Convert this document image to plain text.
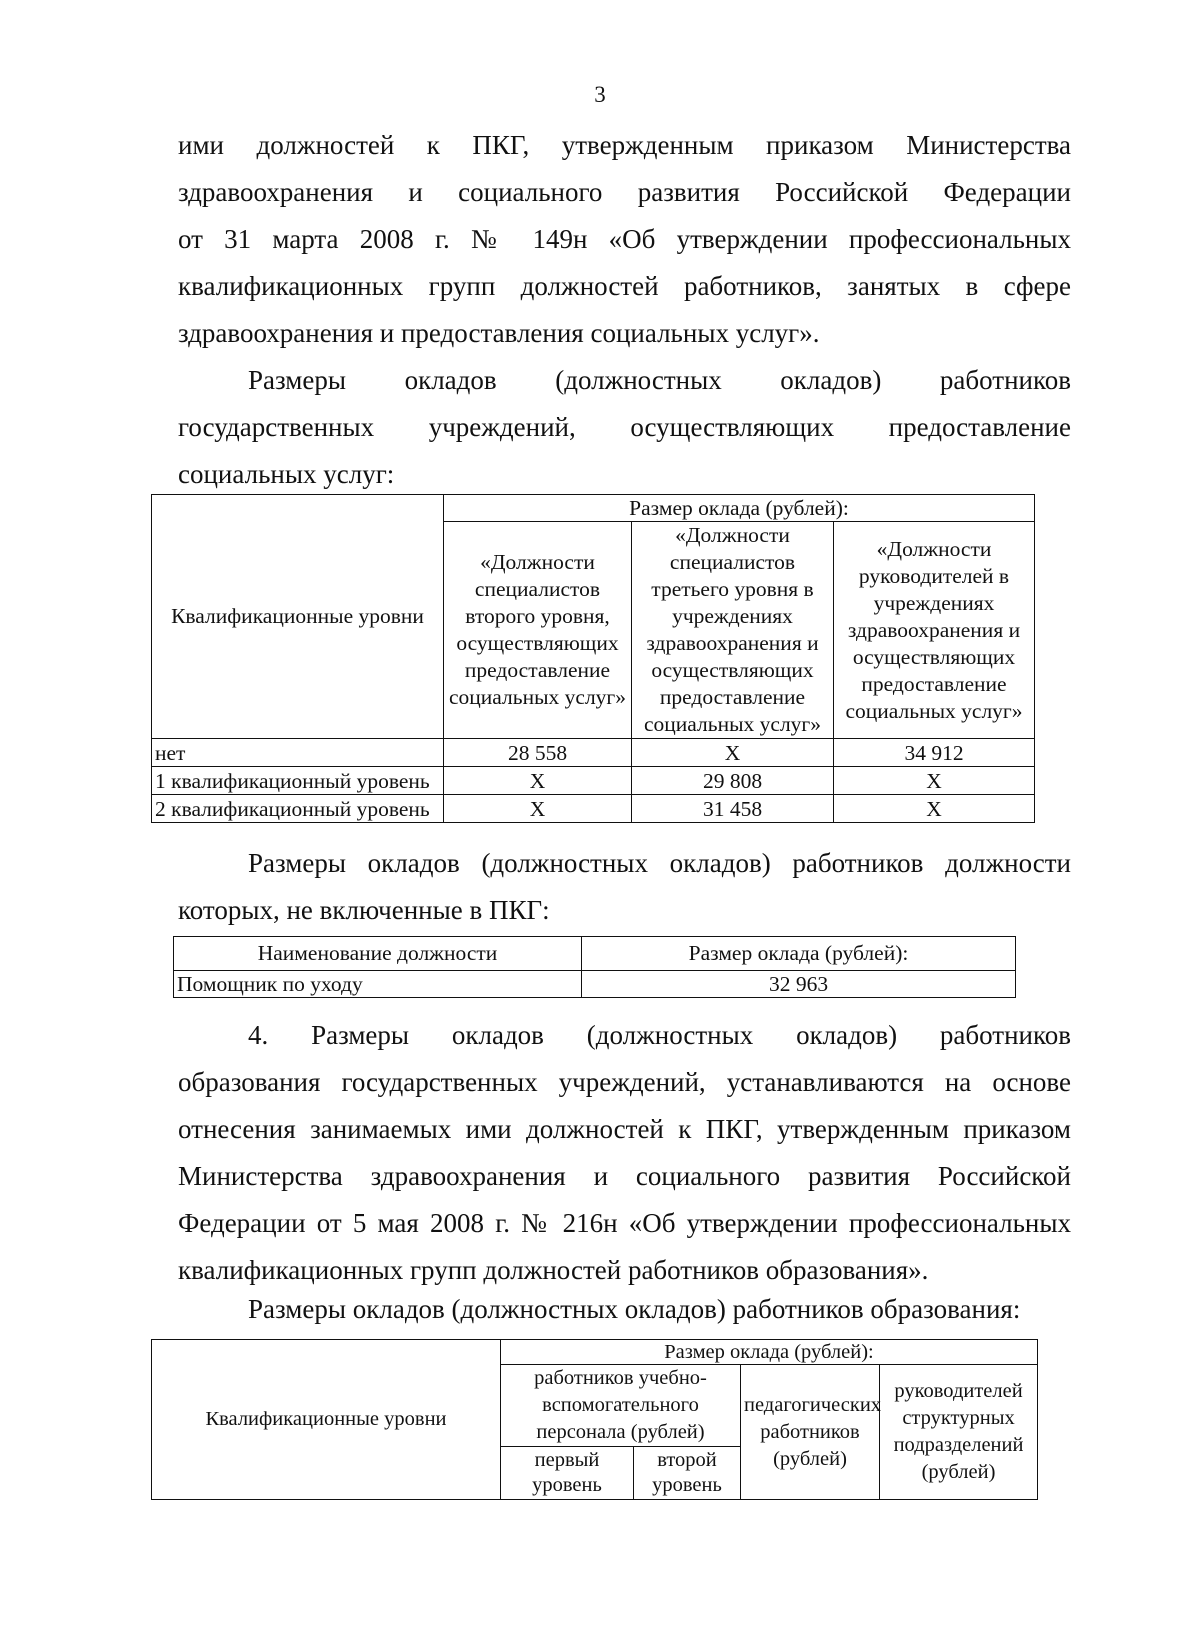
3
ими должностей к ПКГ, утвержденным приказом Министерства
здравоохранения и социального развития Российской Федерации
от 31 марта 2008 г. № 149н «Об утверждении профессиональных
квалификационных групп должностей работников, занятых в сфере
здравоохранения и предоставления социальных услуг».
Размеры окладов (должностных окладов) работников
государственных учреждений, осуществляющих предоставление
социальных услуг:
Квалификационные уровни	Размер оклада (рублей):		
	«Должности специалистов второго уровня, осуществляющих предоставление социальных услуг»	«Должности специалистов третьего уровня в учреждениях здравоохранения и осуществляющих предоставление социальных услуг»	«Должности руководителей в учреждениях здравоохранения и осуществляющих предоставление социальных услуг»
нет	28 558	X	34 912
1 квалификационный уровень	X	29 808	X
2 квалификационный уровень	X	31 458	X
Размеры окладов (должностных окладов) работников должности
которых, не включенные в ПКГ:
Наименование должности	Размер оклада (рублей):
Помощник по уходу	32 963
4. Размеры окладов (должностных окладов) работников
образования государственных учреждений, устанавливаются на основе
отнесения занимаемых ими должностей к ПКГ, утвержденным приказом
Министерства здравоохранения и социального развития Российской
Федерации от 5 мая 2008 г. № 216н «Об утверждении профессиональных
квалификационных групп должностей работников образования».
Размеры окладов (должностных окладов) работников образования:
Квалификационные уровни	Размер оклада (рублей):			
	работников учебно-вспомогательного персонала (рублей)		педагогических работников (рублей)	руководителей структурных подразделений (рублей)

	первый уровень	второй уровень		
